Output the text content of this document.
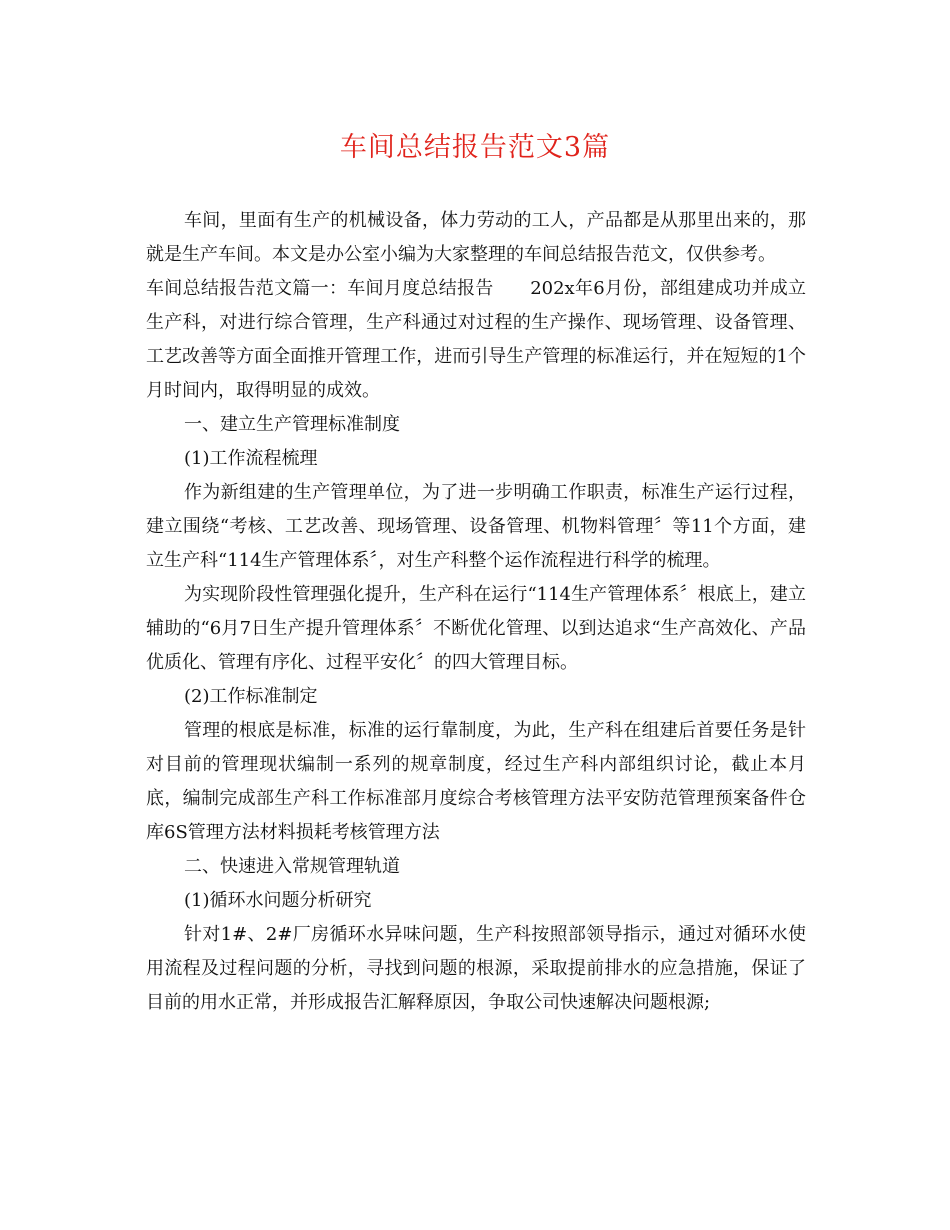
车间总结报告范文3篇

车间，里面有生产的机械设备，体力劳动的工人，产品都是从那里出来的，那就是生产车间。本文是办公室小编为大家整理的车间总结报告范文，仅供参考。

车间总结报告范文篇一：车间月度总结报告　　202x年6月份，部组建成功并成立生产科，对进行综合管理，生产科通过对过程的生产操作、现场管理、设备管理、工艺改善等方面全面推开管理工作，进而引导生产管理的标准运行，并在短短的1个月时间内，取得明显的成效。

一、建立生产管理标准制度

(1)工作流程梳理

作为新组建的生产管理单位，为了进一步明确工作职责，标准生产运行过程，建立围绕“考核、工艺改善、现场管理、设备管理、机物料管理〞等11个方面，建立生产科“114生产管理体系〞，对生产科整个运作流程进行科学的梳理。

为实现阶段性管理强化提升，生产科在运行“114生产管理体系〞根底上，建立辅助的“6月7日生产提升管理体系〞不断优化管理、以到达追求“生产高效化、产品优质化、管理有序化、过程平安化〞的四大管理目标。

(2)工作标准制定

管理的根底是标准，标准的运行靠制度，为此，生产科在组建后首要任务是针对目前的管理现状编制一系列的规章制度，经过生产科内部组织讨论，截止本月底，编制完成部生产科工作标准部月度综合考核管理方法平安防范管理预案备件仓库6S管理方法材料损耗考核管理方法

二、快速进入常规管理轨道

(1)循环水问题分析研究

针对1#、2#厂房循环水异味问题，生产科按照部领导指示，通过对循环水使用流程及过程问题的分析，寻找到问题的根源，采取提前排水的应急措施，保证了目前的用水正常，并形成报告汇解释原因，争取公司快速解决问题根源;
